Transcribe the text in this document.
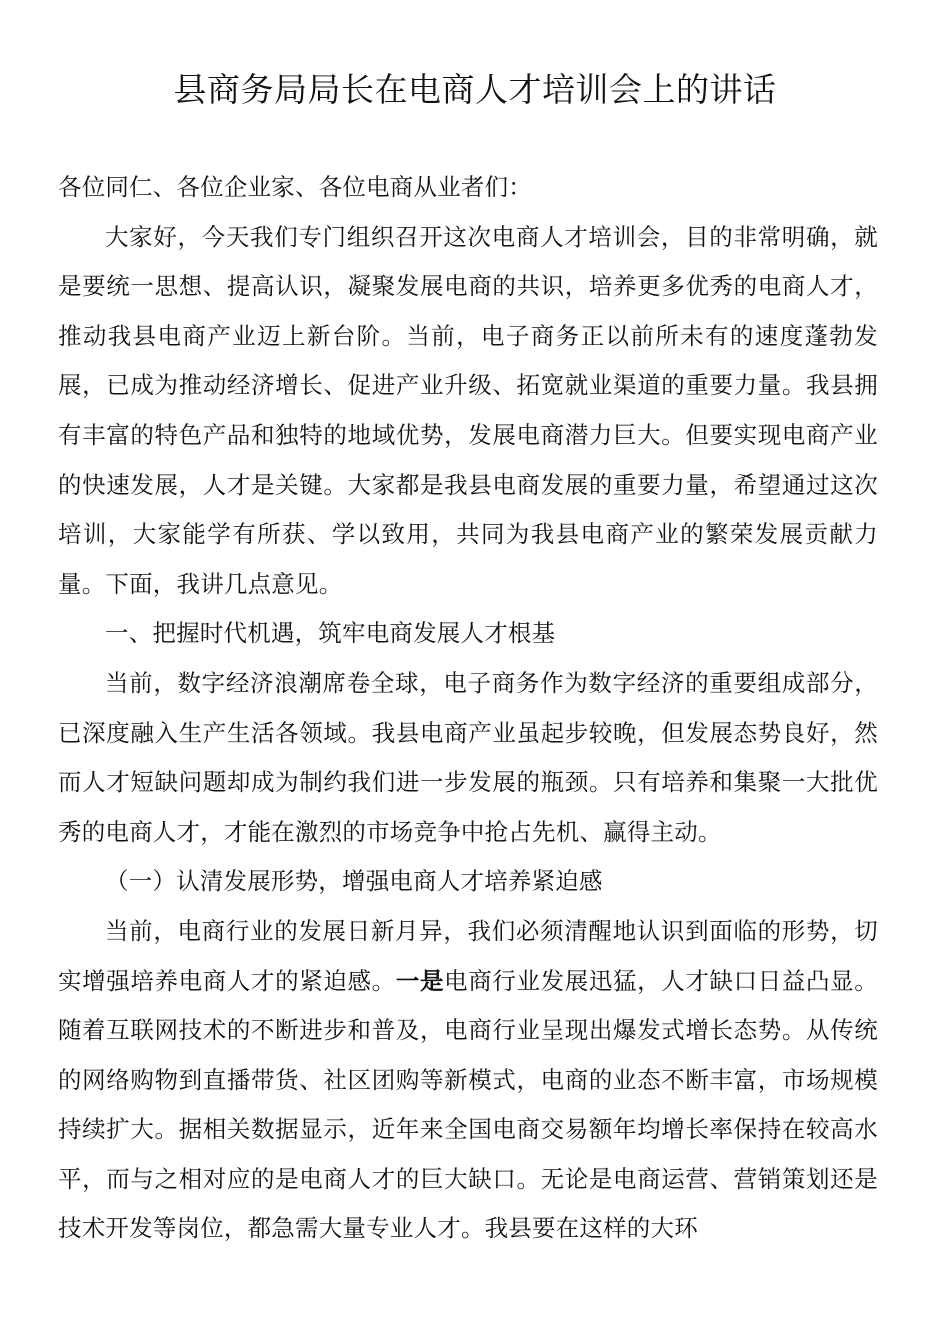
县商务局局长在电商人才培训会上的讲话

各位同仁、各位企业家、各位电商从业者们：

大家好，今天我们专门组织召开这次电商人才培训会，目的非常明确，就是要统一思想、提高认识，凝聚发展电商的共识，培养更多优秀的电商人才，推动我县电商产业迈上新台阶。当前，电子商务正以前所未有的速度蓬勃发展，已成为推动经济增长、促进产业升级、拓宽就业渠道的重要力量。我县拥有丰富的特色产品和独特的地域优势，发展电商潜力巨大。但要实现电商产业的快速发展，人才是关键。大家都是我县电商发展的重要力量，希望通过这次培训，大家能学有所获、学以致用，共同为我县电商产业的繁荣发展贡献力量。下面，我讲几点意见。

一、把握时代机遇，筑牢电商发展人才根基

当前，数字经济浪潮席卷全球，电子商务作为数字经济的重要组成部分，已深度融入生产生活各领域。我县电商产业虽起步较晚，但发展态势良好，然而人才短缺问题却成为制约我们进一步发展的瓶颈。只有培养和集聚一大批优秀的电商人才，才能在激烈的市场竞争中抢占先机、赢得主动。

（一）认清发展形势，增强电商人才培养紧迫感

当前，电商行业的发展日新月异，我们必须清醒地认识到面临的形势，切实增强培养电商人才的紧迫感。一是电商行业发展迅猛，人才缺口日益凸显。随着互联网技术的不断进步和普及，电商行业呈现出爆发式增长态势。从传统的网络购物到直播带货、社区团购等新模式，电商的业态不断丰富，市场规模持续扩大。据相关数据显示，近年来全国电商交易额年均增长率保持在较高水平，而与之相对应的是电商人才的巨大缺口。无论是电商运营、营销策划还是技术开发等岗位，都急需大量专业人才。我县要在这样的大环
